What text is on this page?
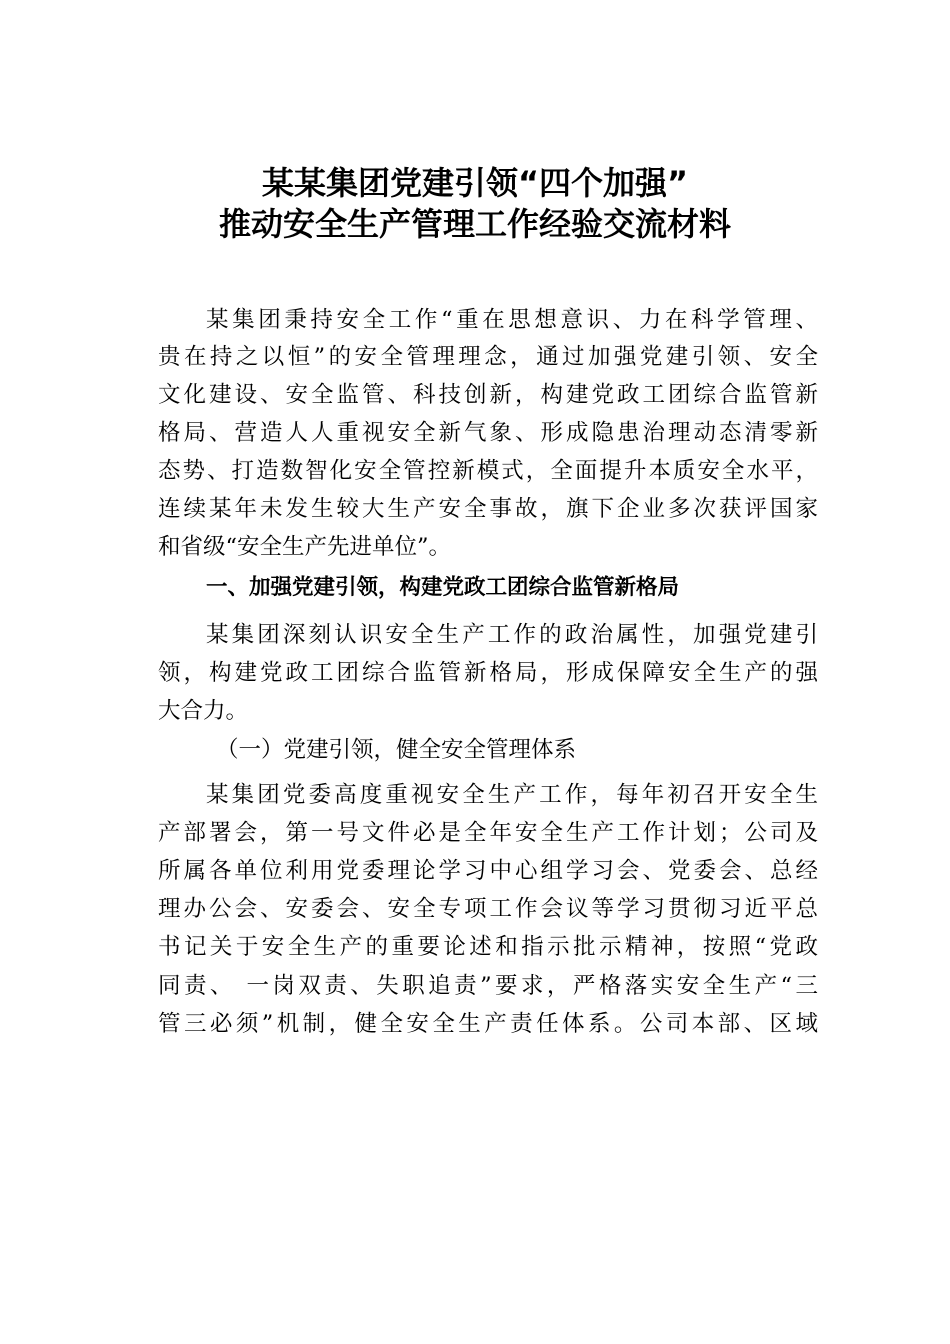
某某集团党建引领“四个加强”
推动安全生产管理工作经验交流材料
某集团秉持安全工作“重在思想意识、力在科学管理、
贵在持之以恒”的安全管理理念，通过加强党建引领、安全
文化建设、安全监管、科技创新，构建党政工团综合监管新
格局、营造人人重视安全新气象、形成隐患治理动态清零新
态势、打造数智化安全管控新模式，全面提升本质安全水平，
连续某年未发生较大生产安全事故，旗下企业多次获评国家
和省级“安全生产先进单位”。
一、加强党建引领，构建党政工团综合监管新格局
某集团深刻认识安全生产工作的政治属性，加强党建引
领，构建党政工团综合监管新格局，形成保障安全生产的强
大合力。
（一）党建引领，健全安全管理体系
某集团党委高度重视安全生产工作，每年初召开安全生
产部署会，第一号文件必是全年安全生产工作计划；公司及
所属各单位利用党委理论学习中心组学习会、党委会、总经
理办公会、安委会、安全专项工作会议等学习贯彻习近平总
书记关于安全生产的重要论述和指示批示精神，按照“党政
同责、 一岗双责、失职追责”要求，严格落实安全生产“三
管三必须”机制，健全安全生产责任体系。公司本部、区域
